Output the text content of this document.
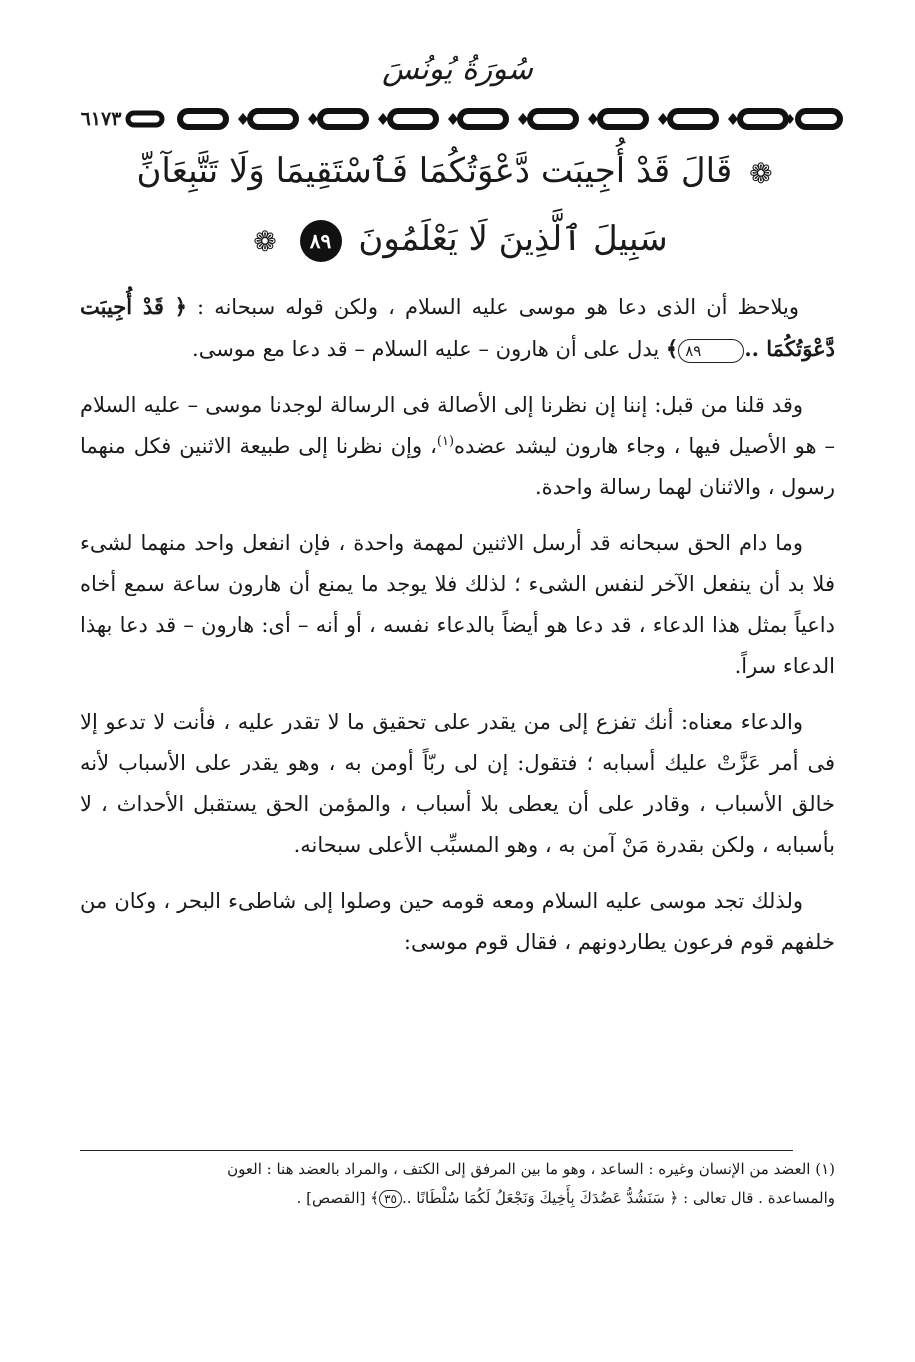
سُورَةُ يُونُسَ
٦١٧٣
❁ قَالَ قَدْ أُجِيبَت دَّعْوَتُكُمَا فَٱسْتَقِيمَا وَلَا تَتَّبِعَآنِّ
سَبِيلَ ٱلَّذِينَ لَا يَعْلَمُونَ ٨٩ ❁

ويلاحظ أن الذى دعا هو موسى عليه السلام ، ولكن قوله سبحانه : ﴿ قَدْ أُجِيبَت دَّعْوَتُكُمَا ..٨٩﴾ يدل على أن هارون – عليه السلام – قد دعا مع موسى.

وقد قلنا من قبل: إننا إن نظرنا إلى الأصالة فى الرسالة لوجدنا موسى – عليه السلام – هو الأصيل فيها ، وجاء هارون ليشد عضده$^{(١)}$، وإن نظرنا إلى طبيعة الاثنين فكل منهما رسول ، والاثنان لهما رسالة واحدة.

وما دام الحق سبحانه قد أرسل الاثنين لمهمة واحدة ، فإن انفعل واحد منهما لشىء فلا بد أن ينفعل الآخر لنفس الشىء ؛ لذلك فلا يوجد ما يمنع أن هارون ساعة سمع أخاه داعياً بمثل هذا الدعاء ، قد دعا هو أيضاً بالدعاء نفسه ، أو أنه – أى: هارون – قد دعا بهذا الدعاء سراً.

والدعاء معناه: أنك تفزع إلى من يقدر على تحقيق ما لا تقدر عليه ، فأنت لا تدعو إلا فى أمر عَزَّتْ عليك أسبابه ؛ فتقول: إن لى ربّاً أومن به ، وهو يقدر على الأسباب لأنه خالق الأسباب ، وقادر على أن يعطى بلا أسباب ، والمؤمن الحق يستقبل الأحداث ، لا بأسبابه ، ولكن بقدرة مَنْ آمن به ، وهو المسبِّب الأعلى سبحانه.

ولذلك تجد موسى عليه السلام ومعه قومه حين وصلوا إلى شاطىء البحر ، وكان من خلفهم قوم فرعون يطاردونهم ، فقال قوم موسى:

(١) العضد من الإنسان وغيره : الساعد ، وهو ما بين المرفق إلى الكتف ، والمراد بالعضد هنا : العون

والمساعدة . قال تعالى : ﴿ سَنَشُدُّ عَضُدَكَ بِأَخِيكَ وَنَجْعَلُ لَكُمَا سُلْطَانًا ..٣٥﴾ [القصص] .
